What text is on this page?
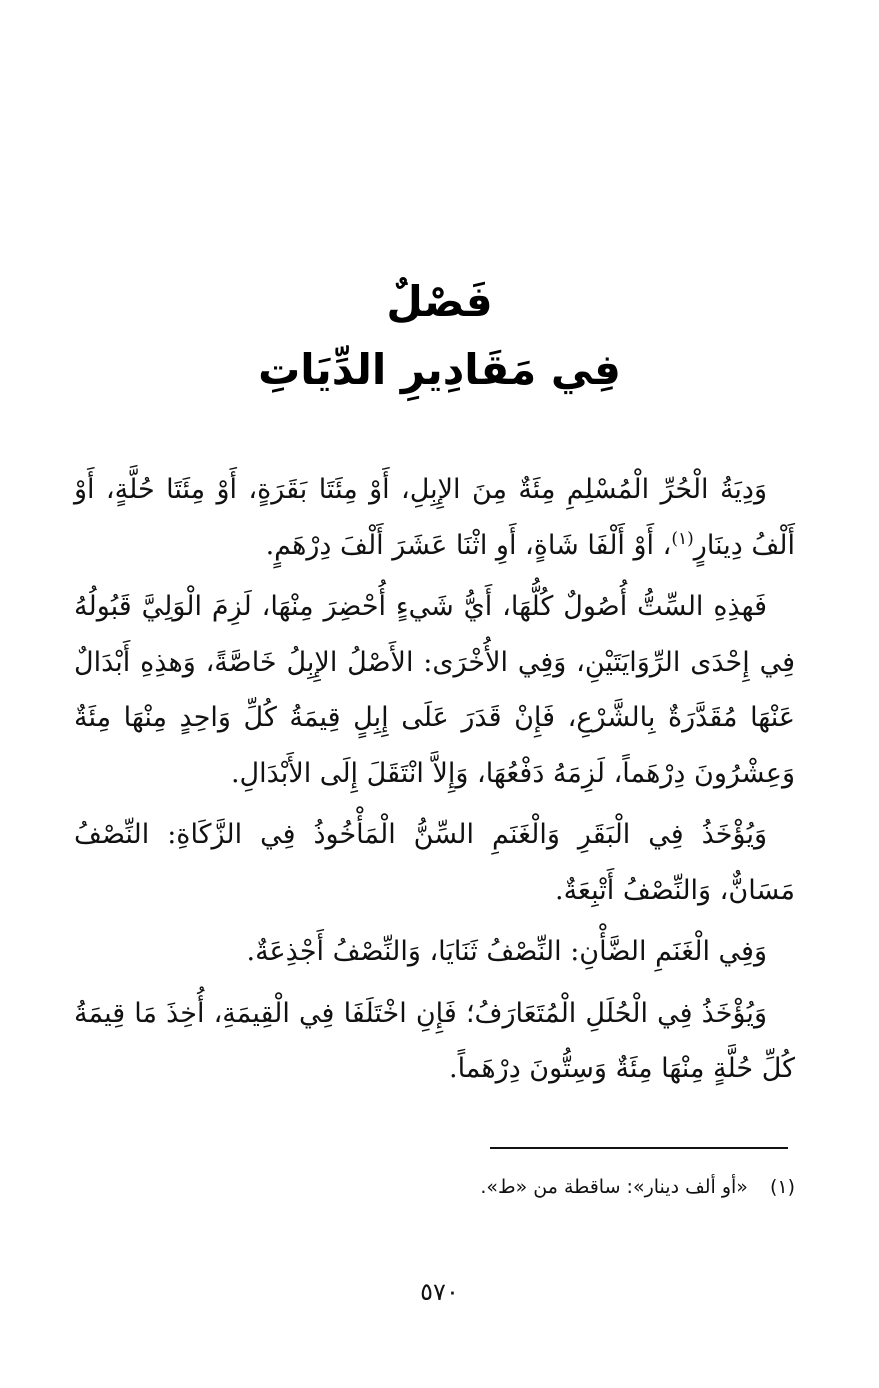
فَصْلٌ
فِي مَقَادِيرِ الدِّيَاتِ

وَدِيَةُ الْحُرِّ الْمُسْلِمِ مِئَةٌ مِنَ الإِبِلِ، أَوْ مِئَتَا بَقَرَةٍ، أَوْ مِئَتَا حُلَّةٍ، أَوْ أَلْفُ دِينَارٍ$^{(١)}$، أَوْ أَلْفَا شَاةٍ، أَوِ اثْنَا عَشَرَ أَلْفَ دِرْهَمٍ.

فَهذِهِ السِّتُّ أُصُولٌ كُلُّهَا، أَيُّ شَيءٍ أُحْضِرَ مِنْهَا، لَزِمَ الْوَلِيَّ قَبُولُهُ فِي إِحْدَى الرِّوَايَتَيْنِ، وَفِي الأُخْرَى: الأَصْلُ الإِبِلُ خَاصَّةً، وَهذِهِ أَبْدَالٌ عَنْهَا مُقَدَّرَةٌ بِالشَّرْعِ، فَإِنْ قَدَرَ عَلَى إِبِلٍ قِيمَةُ كُلِّ وَاحِدٍ مِنْهَا مِئَةٌ وَعِشْرُونَ دِرْهَماً، لَزِمَهُ دَفْعُهَا، وَإِلاَّ انْتَقَلَ إِلَى الأَبْدَالِ.

وَيُؤْخَذُ فِي الْبَقَرِ وَالْغَنَمِ السِّنُّ الْمَأْخُوذُ فِي الزَّكَاةِ: النِّصْفُ مَسَانٌّ، وَالنِّصْفُ أَتْبِعَةٌ.

وَفِي الْغَنَمِ الضَّأْنِ: النِّصْفُ ثَنَايَا، وَالنِّصْفُ أَجْذِعَةٌ.

وَيُؤْخَذُ فِي الْحُلَلِ الْمُتَعَارَفُ؛ فَإِنِ اخْتَلَفَا فِي الْقِيمَةِ، أُخِذَ مَا قِيمَةُ كُلِّ حُلَّةٍ مِنْهَا مِئَةٌ وَسِتُّونَ دِرْهَماً.

(١)«أو ألف دينار»: ساقطة من «ط».
٥٧٠
